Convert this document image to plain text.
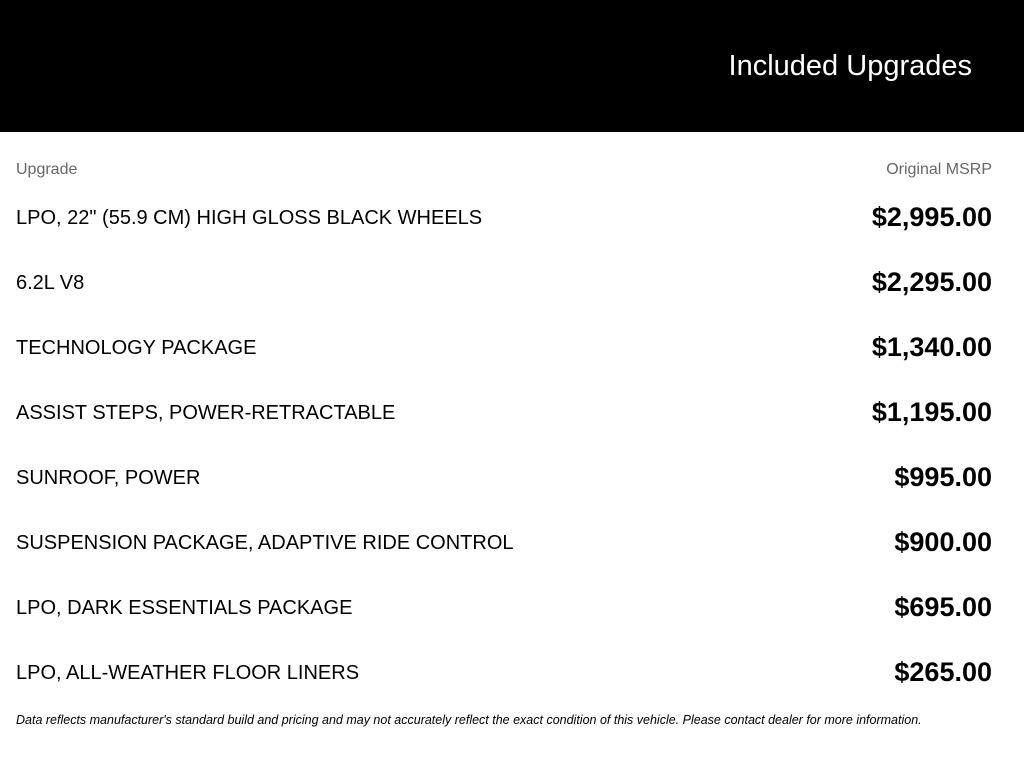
Included Upgrades
Upgrade	Original MSRP
LPO, 22" (55.9 CM) HIGH GLOSS BLACK WHEELS	$2,995.00
6.2L V8	$2,295.00
TECHNOLOGY PACKAGE	$1,340.00
ASSIST STEPS, POWER-RETRACTABLE	$1,195.00
SUNROOF, POWER	$995.00
SUSPENSION PACKAGE, ADAPTIVE RIDE CONTROL	$900.00
LPO, DARK ESSENTIALS PACKAGE	$695.00
LPO, ALL-WEATHER FLOOR LINERS	$265.00
Data reflects manufacturer's standard build and pricing and may not accurately reflect the exact condition of this vehicle. Please contact dealer for more information.
